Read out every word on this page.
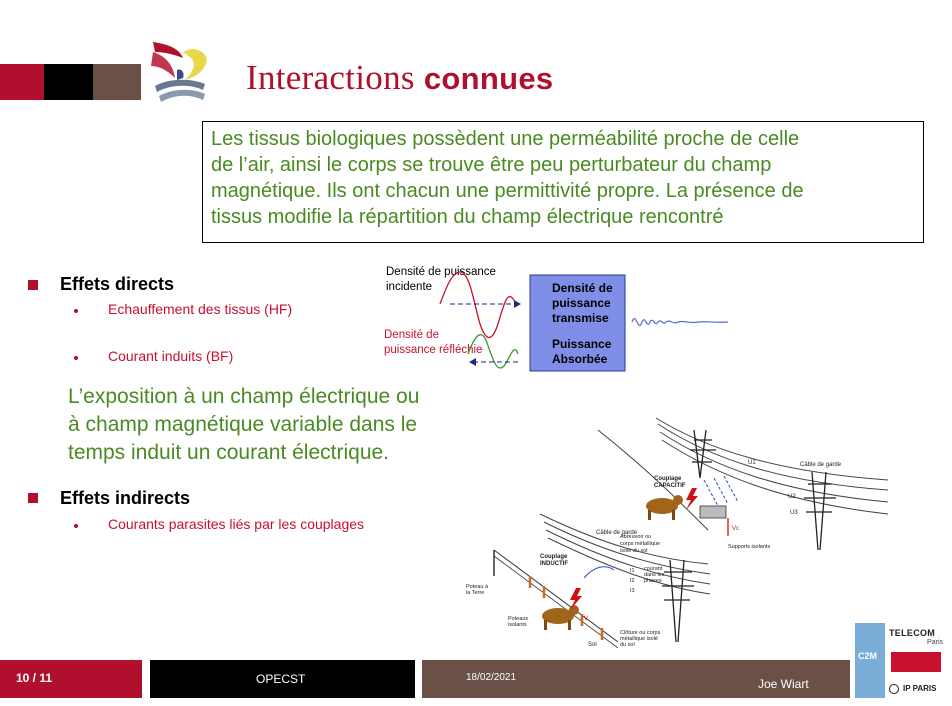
Interactions connues
Les tissus biologiques possèdent une perméabilité proche de celle
de l’air, ainsi le corps se trouve être peu perturbateur du champ
magnétique. Ils ont chacun une permittivité propre. La présence de
tissus modifie la répartition du champ électrique rencontré
Effets directs
Echauffement des tissus (HF)
Courant induits (BF)
L’exposition à un champ électrique ou
à champ magnétique variable dans le
temps induit un courant électrique.
Effets indirects
Courants parasites liés par les couplages
Densité de puissance
incidente
Densité de
puissance réfléchie
Densité de
puissance
transmise
Puissance
Absorbée
Câble de garde
U1
U2
U3
Couplage
CAPACITIF
Vc
Abreuvoir ou
corps métallique
isolé du sol
Supports isolants
Câble de garde
Couplage
INDUCTIF
courant
dans les
phases
I1
I2
I3
Poteau à
la Terre
Poteaux
isolants
Clôture ou corps
métallique isolé
du sol
Sol
V
C2M
TELECOM
Paris
IP PARIS
10 / 11	OPECST	18/02/2021	Joe Wiart
